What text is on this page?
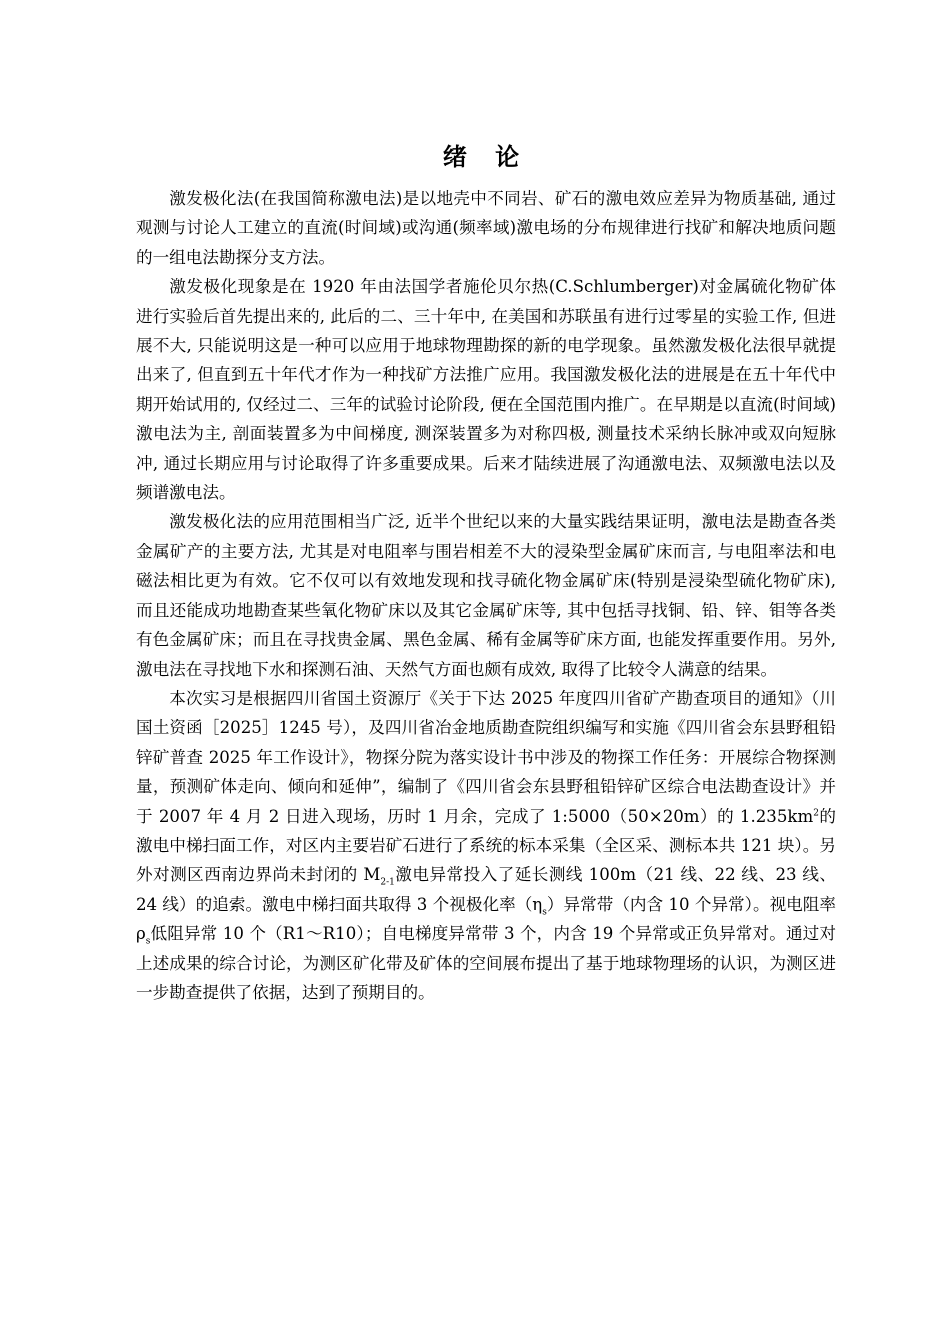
绪 论

激发极化法(在我国简称激电法)是以地壳中不同岩、矿石的激电效应差异为物质基础, 通过观测与讨论人工建立的直流(时间域)或沟通(频率域)激电场的分布规律进行找矿和解决地质问题的一组电法勘探分支方法。

激发极化现象是在 1920 年由法国学者施伦贝尔热(C.Schlumberger)对金属硫化物矿体进行实验后首先提出来的, 此后的二、三十年中, 在美国和苏联虽有进行过零星的实验工作, 但进展不大, 只能说明这是一种可以应用于地球物理勘探的新的电学现象。虽然激发极化法很早就提出来了, 但直到五十年代才作为一种找矿方法推广应用。我国激发极化法的进展是在五十年代中期开始试用的, 仅经过二、三年的试验讨论阶段, 便在全国范围内推广。在早期是以直流(时间域)激电法为主, 剖面装置多为中间梯度, 测深装置多为对称四极, 测量技术采纳长脉冲或双向短脉冲, 通过长期应用与讨论取得了许多重要成果。后来才陆续进展了沟通激电法、双频激电法以及频谱激电法。

激发极化法的应用范围相当广泛, 近半个世纪以来的大量实践结果证明，激电法是勘查各类金属矿产的主要方法, 尤其是对电阻率与围岩相差不大的浸染型金属矿床而言, 与电阻率法和电磁法相比更为有效。它不仅可以有效地发现和找寻硫化物金属矿床(特别是浸染型硫化物矿床), 而且还能成功地勘查某些氧化物矿床以及其它金属矿床等, 其中包括寻找铜、铅、锌、钼等各类有色金属矿床；而且在寻找贵金属、黑色金属、稀有金属等矿床方面, 也能发挥重要作用。另外, 激电法在寻找地下水和探测石油、天然气方面也颇有成效, 取得了比较令人满意的结果。

本次实习是根据四川省国土资源厅《关于下达 2025 年度四川省矿产勘查项目的通知》（川国土资函［2025］1245 号），及四川省冶金地质勘查院组织编写和实施《四川省会东县野租铅锌矿普查 2025 年工作设计》，物探分院为落实设计书中涉及的物探工作任务：开展综合物探测量，预测矿体走向、倾向和延伸”，编制了《四川省会东县野租铅锌矿区综合电法勘查设计》并于 2007 年 4 月 2 日进入现场，历时 1 月余，完成了 1:5000（50×20m）的 $1.235km^2$的激电中梯扫面工作，对区内主要岩矿石进行了系统的标本采集（全区采、测标本共 121 块）。另外对测区西南边界尚未封闭的 $M_{2-1}$激电异常投入了延长测线 100m（21 线、22 线、23 线、24 线）的追索。激电中梯扫面共取得 3 个视极化率$(\eta_s)$异常带（内含 10 个异常）。视电阻率 $\rho_s$低阻异常 10 个（R1～R10）；自电梯度异常带 3 个，内含 19 个异常或正负异常对。通过对上述成果的综合讨论，为测区矿化带及矿体的空间展布提出了基于地球物理场的认识，为测区进一步勘查提供了依据，达到了预期目的。
